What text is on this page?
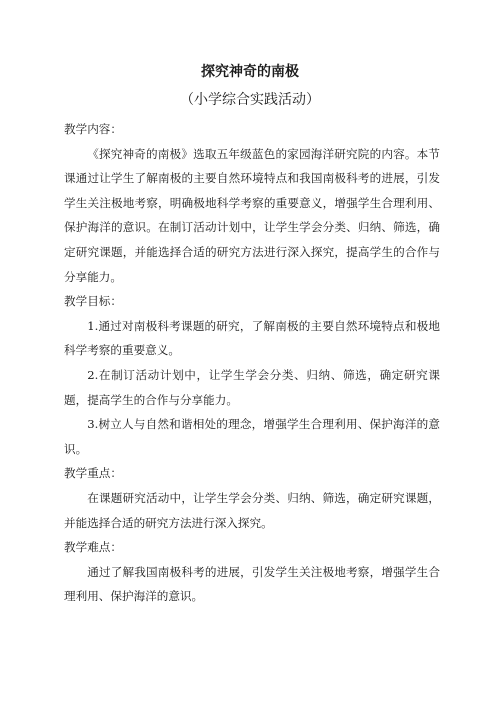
探究神奇的南极
（小学综合实践活动）

教学内容：

《探究神奇的南极》选取五年级蓝色的家园海洋研究院的内容。本节课通过让学生了解南极的主要自然环境特点和我国南极科考的进展，引发学生关注极地考察，明确极地科学考察的重要意义，增强学生合理利用、保护海洋的意识。在制订活动计划中，让学生学会分类、归纳、筛选，确定研究课题，并能选择合适的研究方法进行深入探究，提高学生的合作与分享能力。

教学目标：

1.通过对南极科考课题的研究，了解南极的主要自然环境特点和极地科学考察的重要意义。

2.在制订活动计划中，让学生学会分类、归纳、筛选，确定研究课题，提高学生的合作与分享能力。

3.树立人与自然和谐相处的理念，增强学生合理利用、保护海洋的意识。

教学重点：

在课题研究活动中，让学生学会分类、归纳、筛选，确定研究课题，并能选择合适的研究方法进行深入探究。

教学难点：

通过了解我国南极科考的进展，引发学生关注极地考察，增强学生合理利用、保护海洋的意识。
